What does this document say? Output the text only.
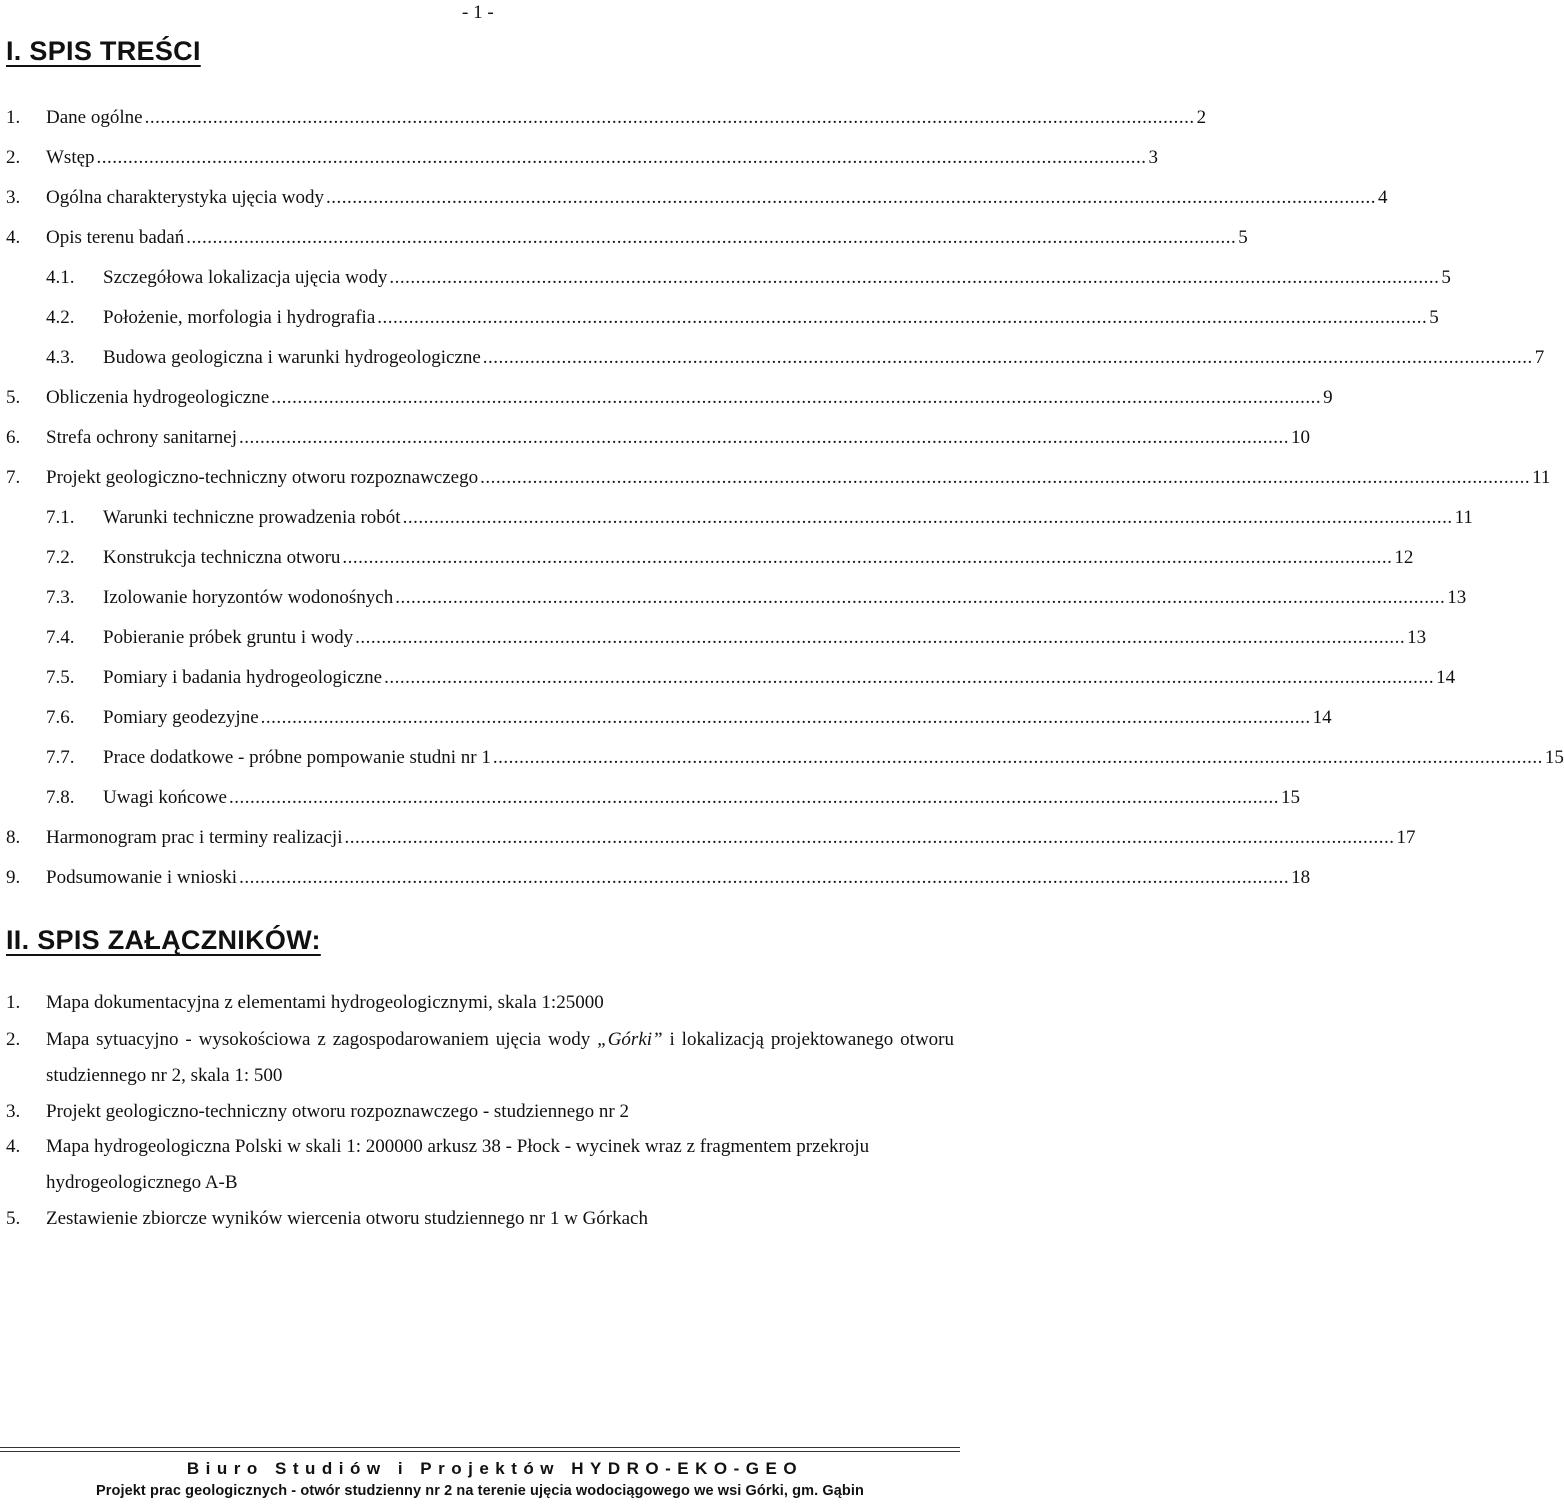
- 1 -
I. SPIS TREŚCI
1.	Dane ogólne ........................................................................................................................................................................................................ 2
2.	Wstęp ........................................................................................................................................................................................................ 3
3.	Ogólna charakterystyka ujęcia wody ........................................................................................................................................................................................................ 4
4.	Opis terenu badań ........................................................................................................................................................................................................ 5
4.1.	Szczegółowa lokalizacja ujęcia wody ........................................................................................................................................................................................................ 5
4.2.	Położenie, morfologia i hydrografia ........................................................................................................................................................................................................ 5
4.3.	Budowa geologiczna i warunki hydrogeologiczne ........................................................................................................................................................................................................ 7
5.	Obliczenia hydrogeologiczne ........................................................................................................................................................................................................ 9
6.	Strefa ochrony sanitarnej ........................................................................................................................................................................................................ 10
7.	Projekt geologiczno-techniczny otworu rozpoznawczego ........................................................................................................................................................................................................ 11
7.1.	Warunki techniczne prowadzenia robót ........................................................................................................................................................................................................ 11
7.2.	Konstrukcja techniczna otworu ........................................................................................................................................................................................................ 12
7.3.	Izolowanie horyzontów wodonośnych ........................................................................................................................................................................................................ 13
7.4.	Pobieranie próbek gruntu i wody ........................................................................................................................................................................................................ 13
7.5.	Pomiary i badania hydrogeologiczne ........................................................................................................................................................................................................ 14
7.6.	Pomiary geodezyjne ........................................................................................................................................................................................................ 14
7.7.	Prace dodatkowe - próbne pompowanie studni nr 1 ........................................................................................................................................................................................................ 15
7.8.	Uwagi końcowe ........................................................................................................................................................................................................ 15
8.	Harmonogram prac i terminy realizacji ........................................................................................................................................................................................................ 17
9.	Podsumowanie i wnioski ........................................................................................................................................................................................................ 18
II. SPIS ZAŁĄCZNIKÓW:
1. Mapa dokumentacyjna z elementami hydrogeologicznymi, skala 1:25000
2. Mapa sytuacyjno - wysokościowa z zagospodarowaniem ujęcia wody „Górki” i lokalizacją projektowanego otworu studziennego nr 2, skala 1: 500
3. Projekt geologiczno-techniczny otworu rozpoznawczego - studziennego nr 2
4. Mapa hydrogeologiczna Polski w skali 1: 200000 arkusz 38 - Płock - wycinek wraz z fragmentem przekroju hydrogeologicznego A-B
5. Zestawienie zbiorcze wyników wiercenia otworu studziennego nr 1 w Górkach
Biuro Studiów i Projektów HYDRO-EKO-GEO
Projekt prac geologicznych - otwór studzienny nr 2 na terenie ujęcia wodociągowego we wsi Górki, gm. Gąbin
